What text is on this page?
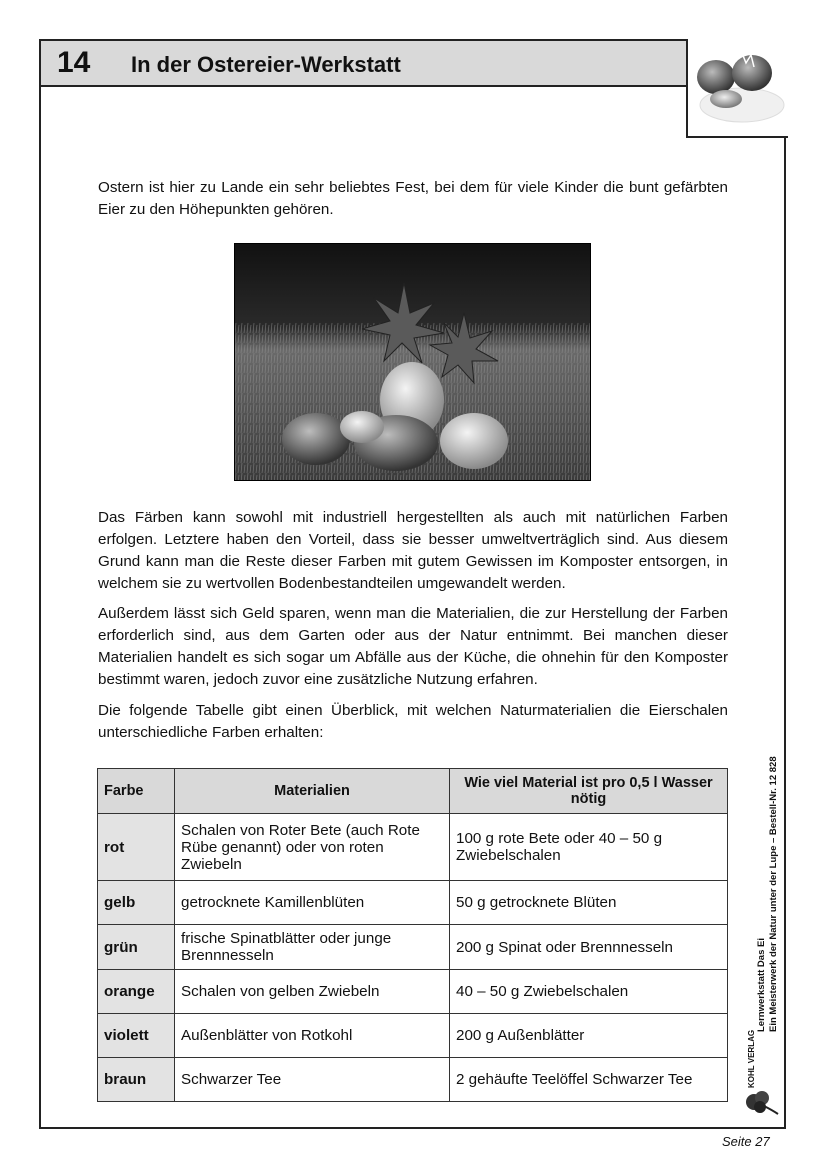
14 In der Ostereier-Werkstatt

Ostern ist hier zu Lande ein sehr beliebtes Fest, bei dem für viele Kinder die bunt gefärbten Eier zu den Höhepunkten gehören.

Das Färben kann sowohl mit industriell hergestellten als auch mit natürlichen Farben erfolgen. Letztere haben den Vorteil, dass sie besser umweltverträglich sind. Aus diesem Grund kann man die Reste dieser Farben mit gutem Gewissen im Komposter entsorgen, in welchem sie zu wertvollen Bodenbestandteilen umgewandelt werden.

Außerdem lässt sich Geld sparen, wenn man die Materialien, die zur Herstellung der Farben erforderlich sind, aus dem Garten oder aus der Natur entnimmt. Bei manchen dieser Materialien handelt es sich sogar um Abfälle aus der Küche, die ohnehin für den Komposter bestimmt waren, jedoch zuvor eine zusätzliche Nutzung erfahren.

Die folgende Tabelle gibt einen Überblick, mit welchen Naturmaterialien die Eierschalen unterschiedliche Farben erhalten:

Farbe	Materialien	Wie viel Material ist pro 0,5 l Wasser nötig
rot	Schalen von Roter Bete (auch Rote Rübe genannt) oder von roten Zwiebeln	100 g rote Bete oder 40 – 50 g Zwiebelschalen
gelb	getrocknete Kamillenblüten	50 g getrocknete Blüten
grün	frische Spinatblätter oder junge Brennnesseln	200 g Spinat oder Brennnesseln
orange	Schalen von gelben Zwiebeln	40 – 50 g Zwiebelschalen
violett	Außenblätter von Rotkohl	200 g Außenblätter
braun	Schwarzer Tee	2 gehäufte Teelöffel Schwarzer Tee
Lernwerkstatt Das Ei Ein Meisterwerk der Natur unter der Lupe – Bestell-Nr. 12 828
KOHL VERLAG
Seite 27
